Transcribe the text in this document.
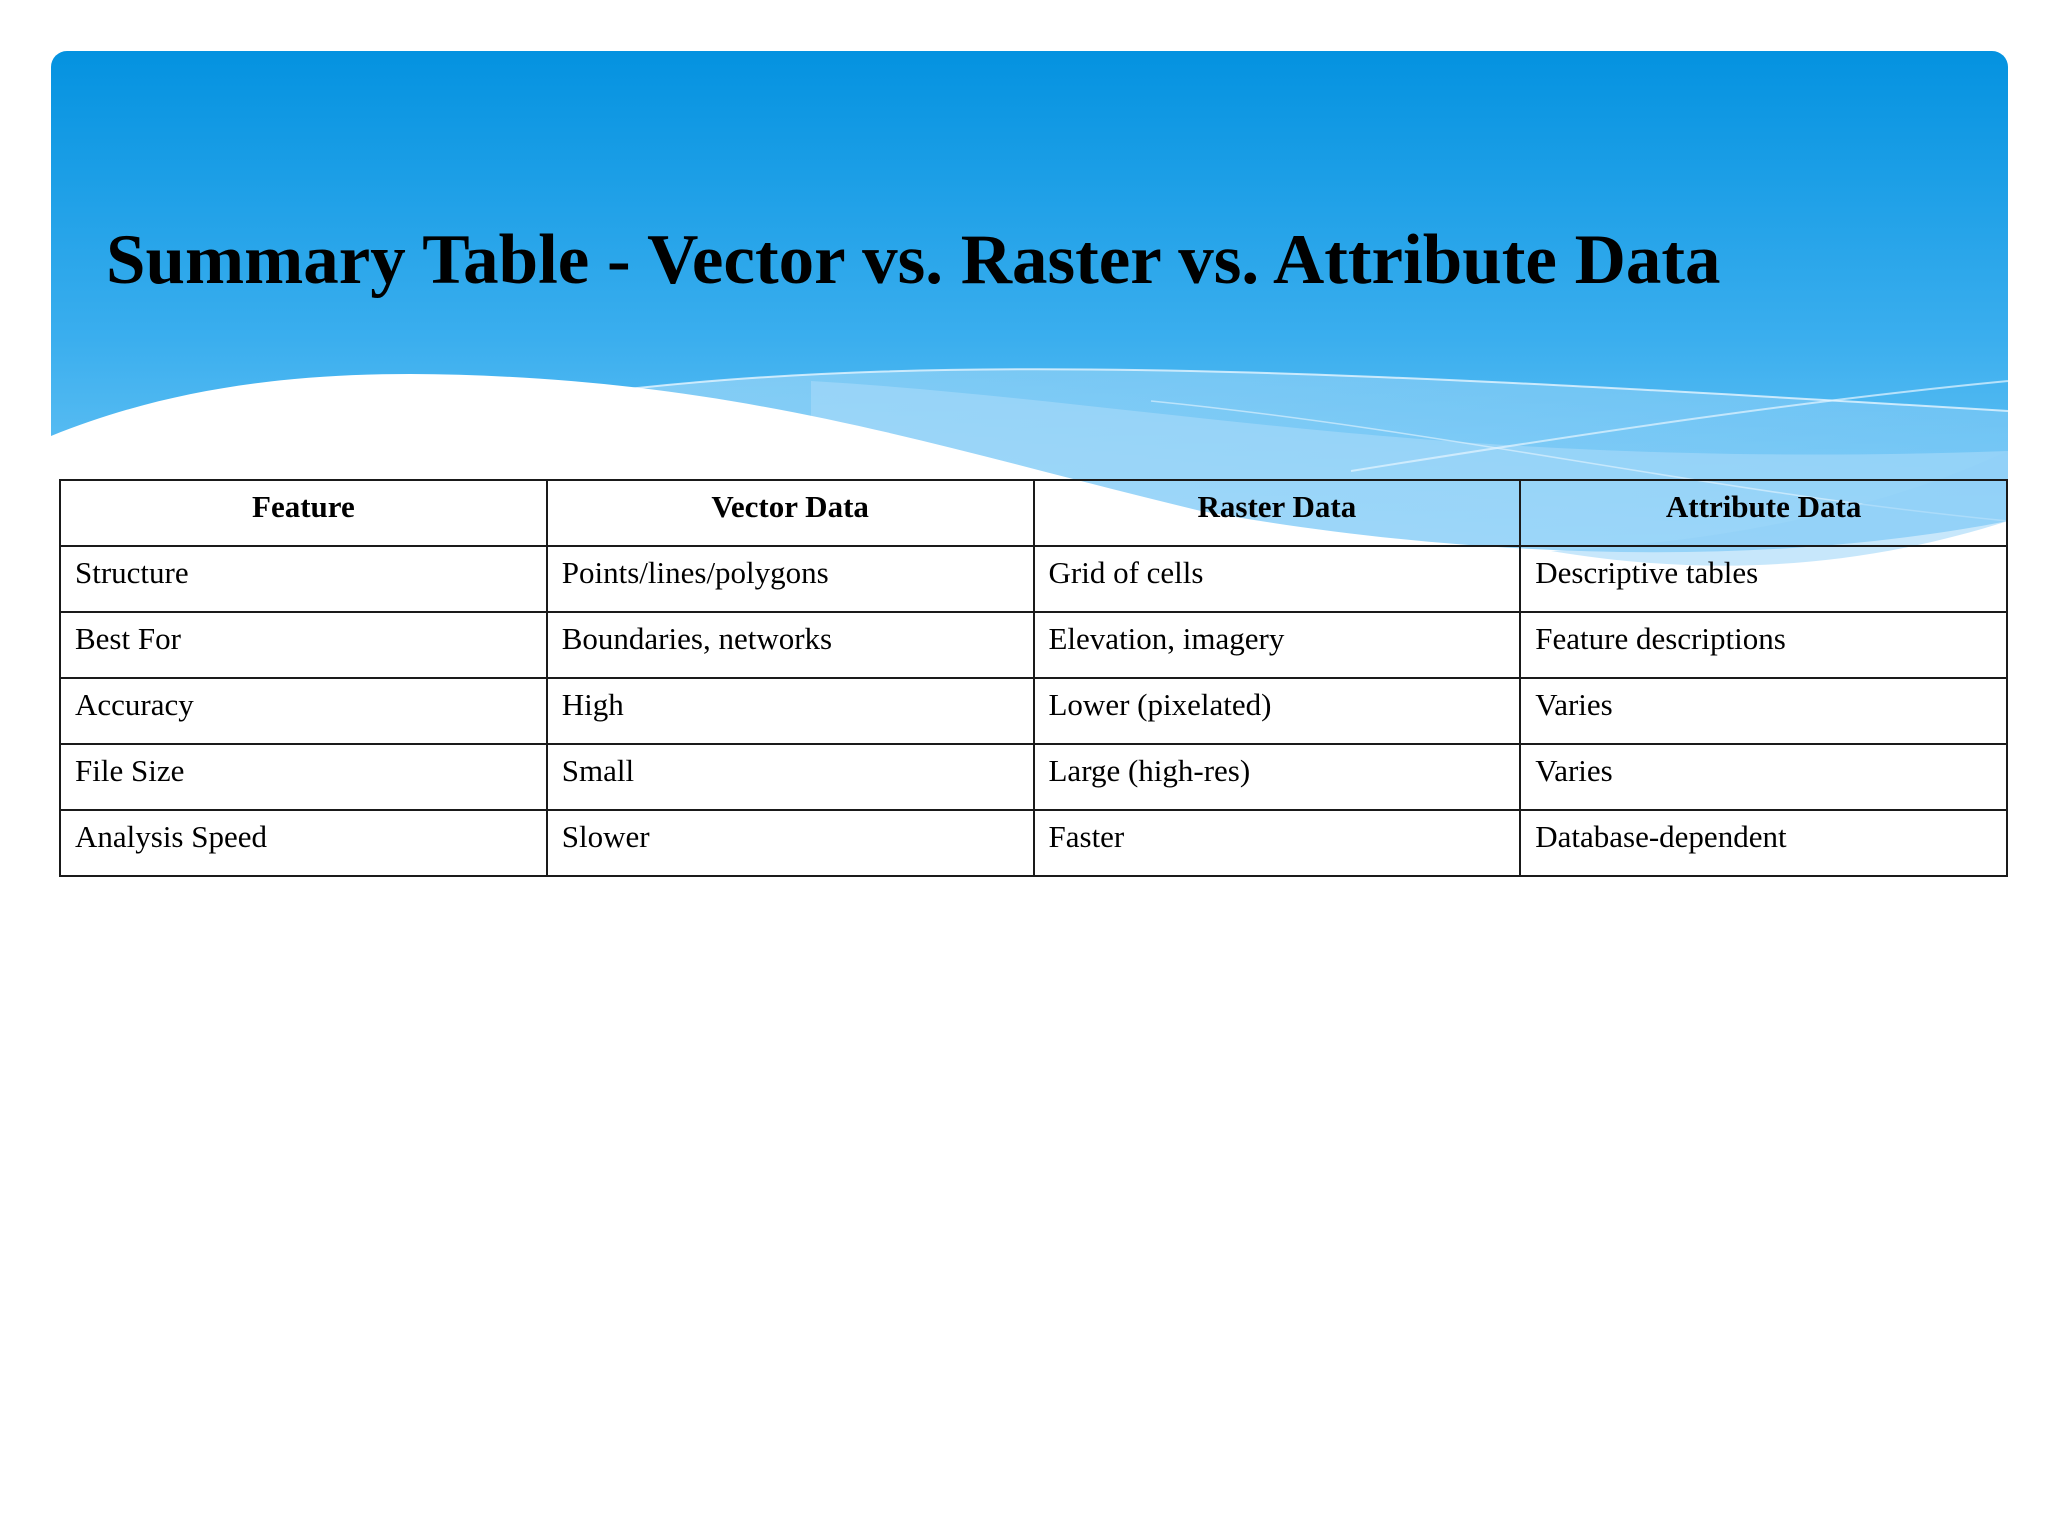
Summary Table - Vector vs. Raster vs. Attribute Data
Feature	Vector Data	Raster Data	Attribute Data
Structure	Points/lines/polygons	Grid of cells	Descriptive tables
Best For	Boundaries, networks	Elevation, imagery	Feature descriptions
Accuracy	High	Lower (pixelated)	Varies
File Size	Small	Large (high-res)	Varies
Analysis Speed	Slower	Faster	Database-dependent
